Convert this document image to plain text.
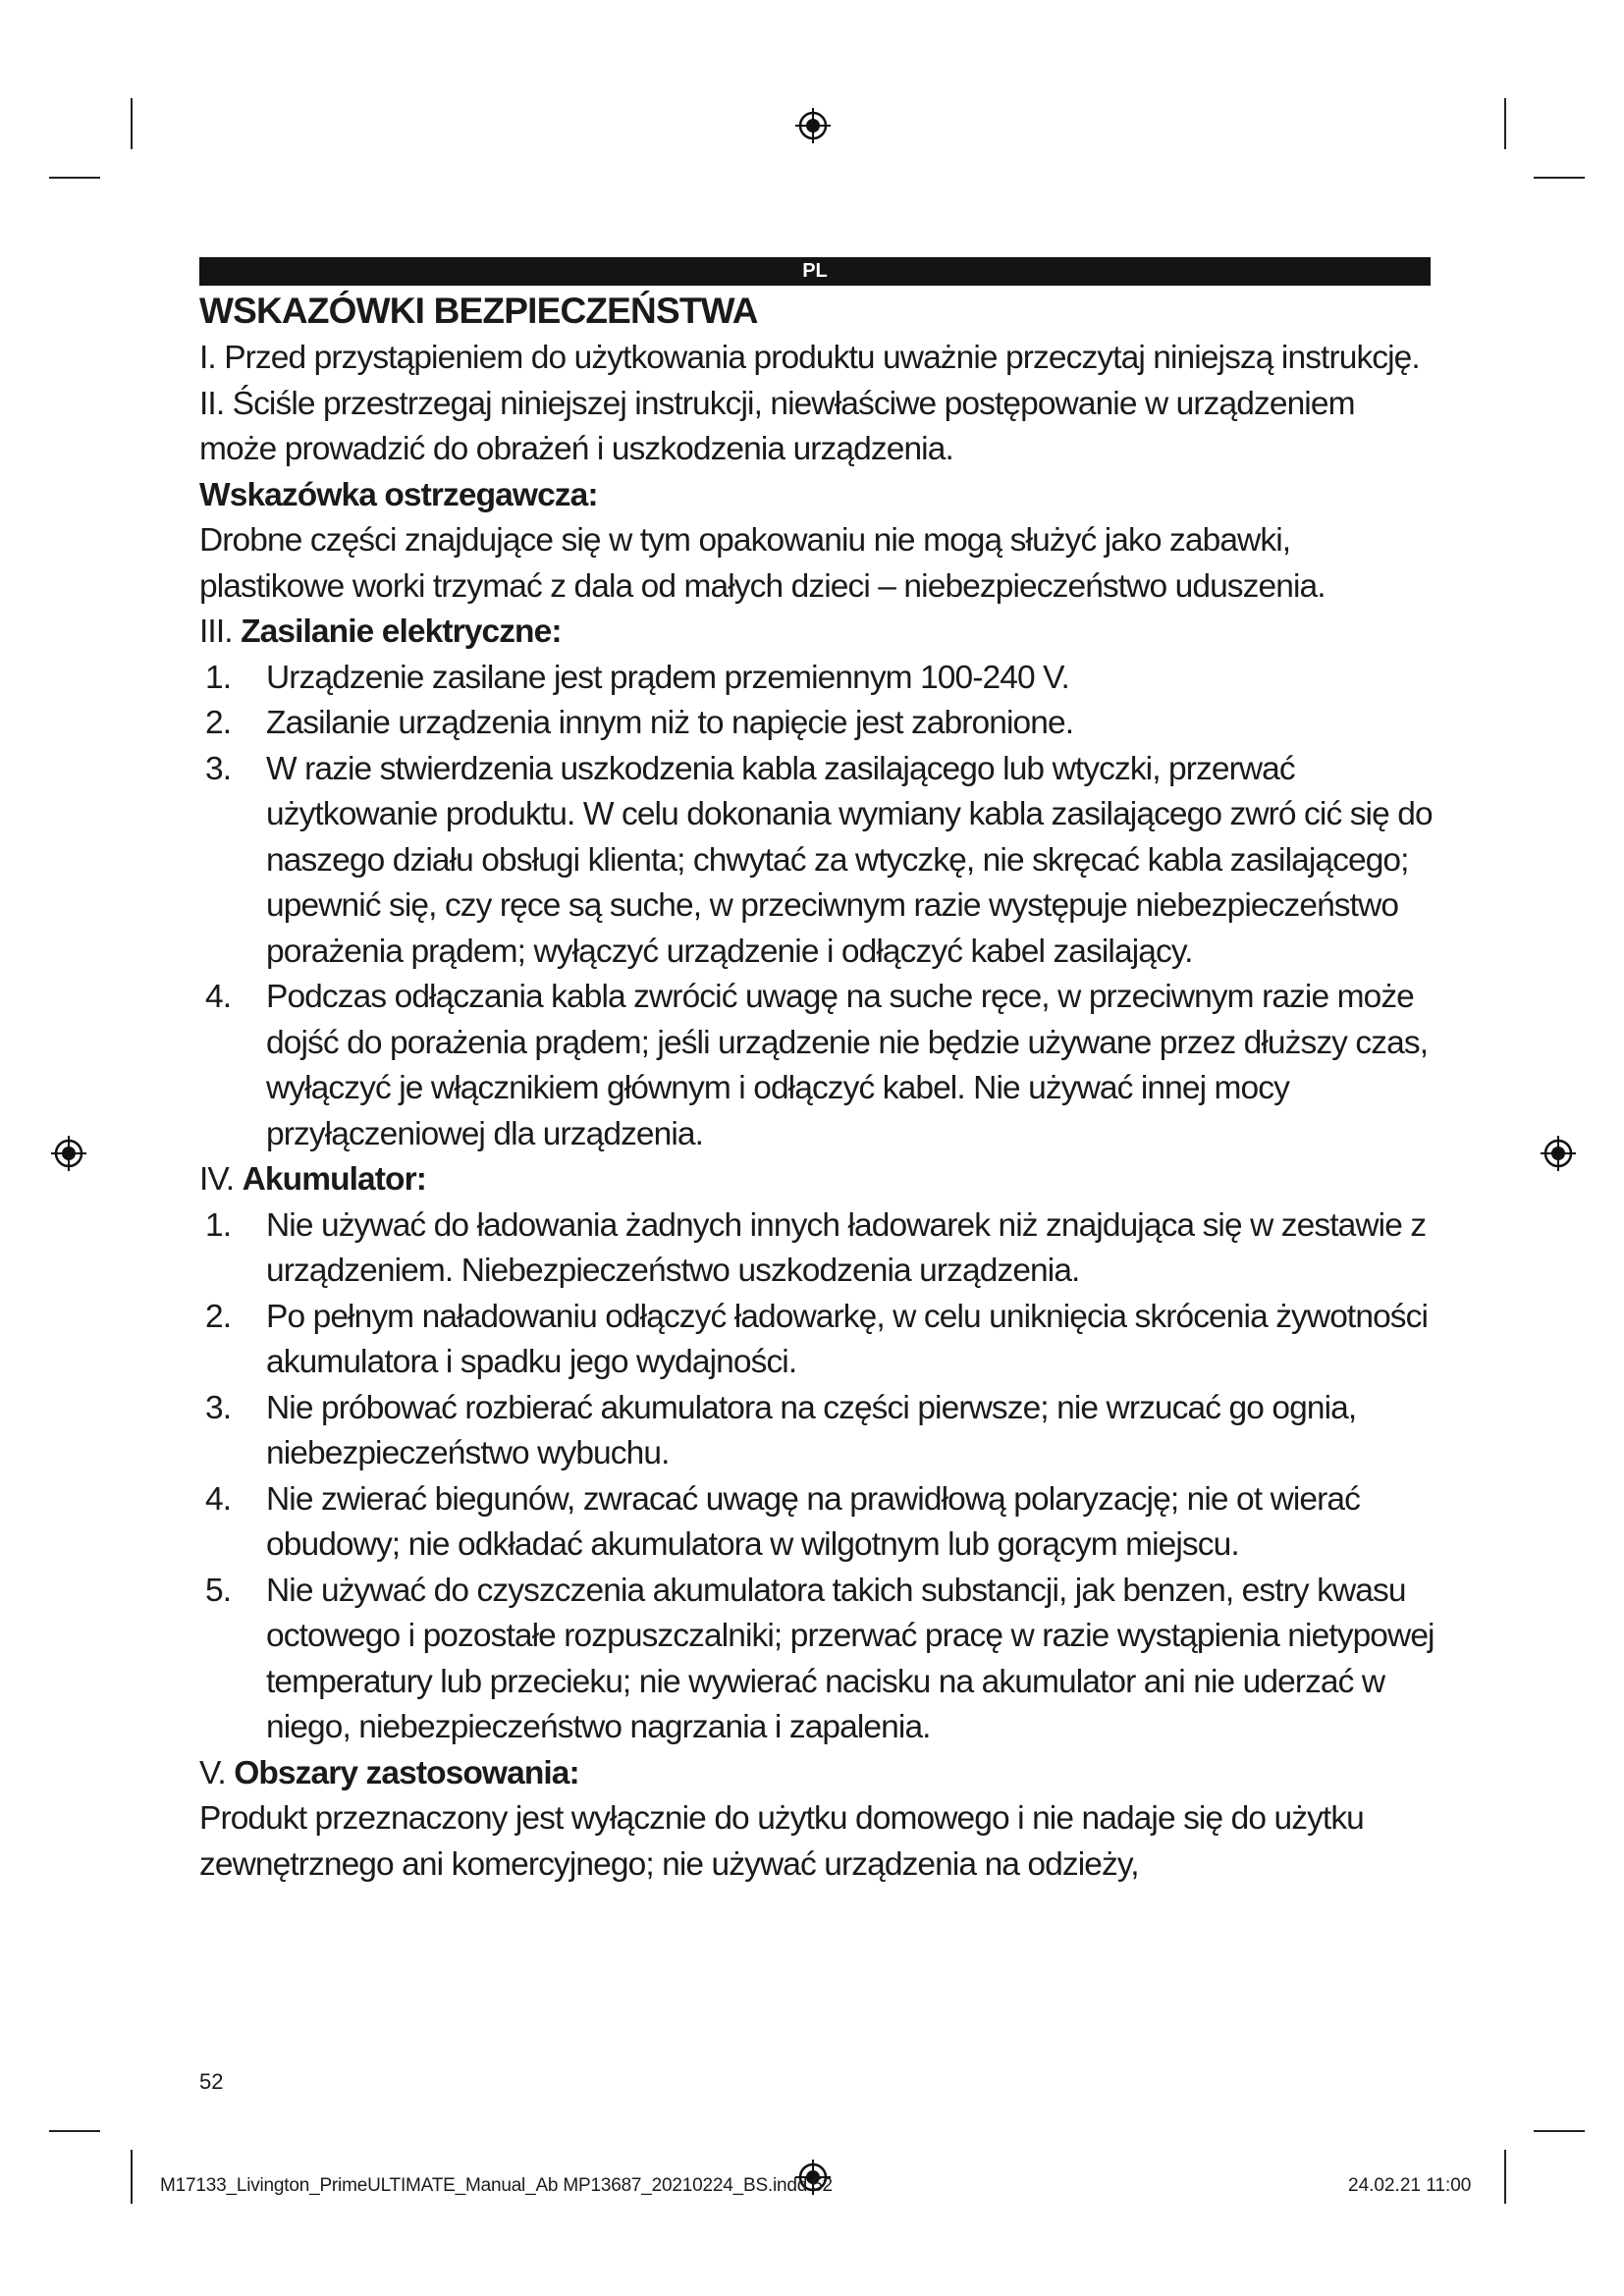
PL
WSKAZÓWKI BEZPIECZEŃSTWA

I. Przed przystąpieniem do użytkowania produktu uważnie przeczytaj niniejszą instrukcję.

II. Ściśle przestrzegaj niniejszej instrukcji, niewłaściwe postępowanie w urządzeniem może prowadzić do obrażeń i uszkodzenia urządzenia.

Wskazówka ostrzegawcza:

Drobne części znajdujące się w tym opakowaniu nie mogą służyć jako zabawki, plastikowe worki trzymać z dala od małych dzieci – niebezpieczeństwo uduszenia.

III. Zasilanie elektryczne:

1. Urządzenie zasilane jest prądem przemiennym 100-240 V.
2. Zasilanie urządzenia innym niż to napięcie jest zabronione.
3. W razie stwierdzenia uszkodzenia kabla zasilającego lub wtyczki, przerwać użytkowanie produktu. W celu dokonania wymiany kabla zasilającego zwró cić się do naszego działu obsługi klienta; chwytać za wtyczkę, nie skręcać kabla zasilającego; upewnić się, czy ręce są suche, w przeciwnym razie występuje niebezpieczeństwo porażenia prądem; wyłączyć urządzenie i odłączyć kabel zasilający.
4. Podczas odłączania kabla zwrócić uwagę na suche ręce, w przeciwnym razie może dojść do porażenia prądem; jeśli urządzenie nie będzie używane przez dłuższy czas, wyłączyć je włącznikiem głównym i odłączyć kabel. Nie używać innej mocy przyłączeniowej dla urządzenia.

IV. Akumulator:

1. Nie używać do ładowania żadnych innych ładowarek niż znajdująca się w zestawie z urządzeniem. Niebezpieczeństwo uszkodzenia urządzenia.
2. Po pełnym naładowaniu odłączyć ładowarkę, w celu uniknięcia skrócenia żywotności akumulatora i spadku jego wydajności.
3. Nie próbować rozbierać akumulatora na części pierwsze; nie wrzucać go ognia, niebezpieczeństwo wybuchu.
4. Nie zwierać biegunów, zwracać uwagę na prawidłową polaryzację; nie ot wierać obudowy; nie odkładać akumulatora w wilgotnym lub gorącym miejscu.
5. Nie używać do czyszczenia akumulatora takich substancji, jak benzen, estry kwasu octowego i pozostałe rozpuszczalniki; przerwać pracę w razie wystąpienia nietypowej temperatury lub przecieku; nie wywierać nacisku na akumulator ani nie uderzać w niego, niebezpieczeństwo nagrzania i zapalenia.

V. Obszary zastosowania:

Produkt przeznaczony jest wyłącznie do użytku domowego i nie nadaje się do użytku zewnętrznego ani komercyjnego; nie używać urządzenia na odzieży,

52
M17133_Livington_PrimeULTIMATE_Manual_Ab MP13687_20210224_BS.indd 52	24.02.21 11:00
